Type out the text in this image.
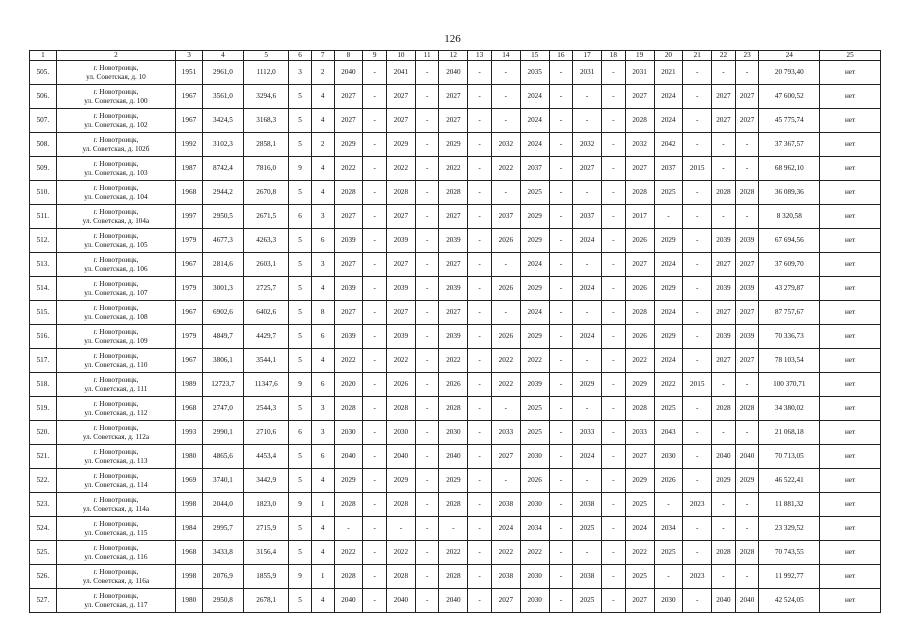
126
1	2	3	4	5	6	7	8	9	10	11	12	13	14	15	16	17	18	19	20	21	22	23	24	25
505.	г. Новотроицк,
ул. Советская, д. 10	1951	2961,0	1112,0	3	2	2040	-	2041	-	2040	-	-	2035	-	2031	-	2031	2021	-	-	-	20 793,40	нет
506.	г. Новотроицк,
ул. Советская, д. 100	1967	3561,0	3294,6	5	4	2027	-	2027	-	2027	-	-	2024	-	-	-	2027	2024	-	2027	2027	47 600,52	нет
507.	г. Новотроицк,
ул. Советская, д. 102	1967	3424,5	3168,3	5	4	2027	-	2027	-	2027	-	-	2024	-	-	-	2028	2024	-	2027	2027	45 775,74	нет
508.	г. Новотроицк,
ул. Советская, д. 102б	1992	3102,3	2858,1	5	2	2029	-	2029	-	2029	-	2032	2024	-	2032	-	2032	2042	-	-	-	37 367,57	нет
509.	г. Новотроицк,
ул. Советская, д. 103	1987	8742,4	7816,0	9	4	2022	-	2022	-	2022	-	2022	2037	-	2027	-	2027	2037	2015	-	-	68 962,10	нет
510.	г. Новотроицк,
ул. Советская, д. 104	1968	2944,2	2670,8	5	4	2028	-	2028	-	2028	-	-	2025	-	-	-	2028	2025	-	2028	2028	36 089,36	нет
511.	г. Новотроицк,
ул. Советская, д. 104а	1997	2950,5	2671,5	6	3	2027	-	2027	-	2027	-	2037	2029	-	2037	-	2017	-	-	-	-	8 320,58	нет
512.	г. Новотроицк,
ул. Советская, д. 105	1979	4677,3	4263,3	5	6	2039	-	2039	-	2039	-	2026	2029	-	2024	-	2026	2029	-	2039	2039	67 694,56	нет
513.	г. Новотроицк,
ул. Советская, д. 106	1967	2814,6	2603,1	5	3	2027	-	2027	-	2027	-	-	2024	-	-	-	2027	2024	-	2027	2027	37 609,70	нет
514.	г. Новотроицк,
ул. Советская, д. 107	1979	3001,3	2725,7	5	4	2039	-	2039	-	2039	-	2026	2029	-	2024	-	2026	2029	-	2039	2039	43 279,87	нет
515.	г. Новотроицк,
ул. Советская, д. 108	1967	6902,6	6402,6	5	8	2027	-	2027	-	2027	-	-	2024	-	-	-	2028	2024	-	2027	2027	87 757,67	нет
516.	г. Новотроицк,
ул. Советская, д. 109	1979	4849,7	4429,7	5	6	2039	-	2039	-	2039	-	2026	2029	-	2024	-	2026	2029	-	2039	2039	70 336,73	нет
517.	г. Новотроицк,
ул. Советская, д. 110	1967	3806,1	3544,1	5	4	2022	-	2022	-	2022	-	2022	2022	-	-	-	2022	2024	-	2027	2027	78 103,54	нет
518.	г. Новотроицк,
ул. Советская, д. 111	1989	12723,7	11347,6	9	6	2020	-	2026	-	2026	-	2022	2039	-	2029	-	2029	2022	2015	-	-	100 370,71	нет
519.	г. Новотроицк,
ул. Советская, д. 112	1968	2747,0	2544,3	5	3	2028	-	2028	-	2028	-	-	2025	-	-	-	2028	2025	-	2028	2028	34 380,02	нет
520.	г. Новотроицк,
ул. Советская, д. 112а	1993	2990,1	2710,6	6	3	2030	-	2030	-	2030	-	2033	2025	-	2033	-	2033	2043	-	-	-	21 068,18	нет
521.	г. Новотроицк,
ул. Советская, д. 113	1980	4865,6	4453,4	5	6	2040	-	2040	-	2040	-	2027	2030	-	2024	-	2027	2030	-	2040	2040	70 713,05	нет
522.	г. Новотроицк,
ул. Советская, д. 114	1969	3740,1	3442,9	5	4	2029	-	2029	-	2029	-	-	2026	-	-	-	2029	2026	-	2029	2029	46 522,41	нет
523.	г. Новотроицк,
ул. Советская, д. 114а	1998	2044,0	1823,0	9	1	2028	-	2028	-	2028	-	2038	2030	-	2038	-	2025	-	2023	-	-	11 881,32	нет
524.	г. Новотроицк,
ул. Советская, д. 115	1984	2995,7	2715,9	5	4	-	-	-	-	-	-	2024	2034	-	2025	-	2024	2034	-	-	-	23 329,52	нет
525.	г. Новотроицк,
ул. Советская, д. 116	1968	3433,8	3156,4	5	4	2022	-	2022	-	2022	-	2022	2022	-	-	-	2022	2025	-	2028	2028	70 743,55	нет
526.	г. Новотроицк,
ул. Советская, д. 116а	1998	2076,9	1855,9	9	1	2028	-	2028	-	2028	-	2038	2030	-	2038	-	2025	-	2023	-	-	11 992,77	нет
527.	г. Новотроицк,
ул. Советская, д. 117	1980	2950,8	2678,1	5	4	2040	-	2040	-	2040	-	2027	2030	-	2025	-	2027	2030	-	2040	2040	42 524,05	нет
